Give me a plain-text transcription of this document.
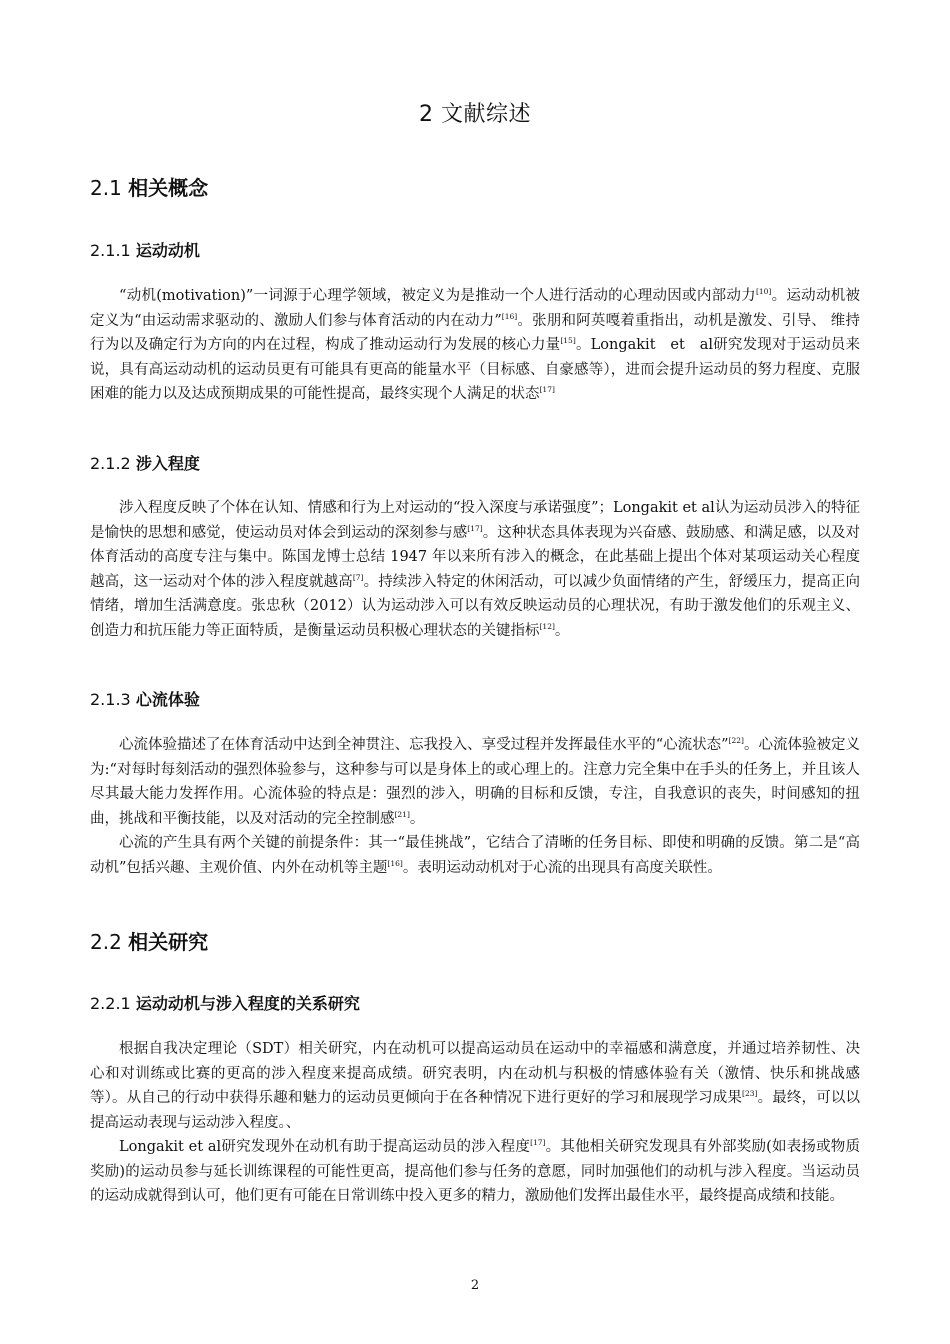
2 文献综述
2.1 相关概念
2.1.1 运动动机

“动机(motivation)”一词源于心理学领域，被定义为是推动一个人进行活动的心理动因或内部动力[10]。运动动机被定义为“由运动需求驱动的、激励人们参与体育活动的内在动力”[16]。张朋和阿英嘎着重指出，动机是激发、引导、 维持行为以及确定行为方向的内在过程，构成了推动运动行为发展的核心力量[15]。Longakit　et　al研究发现对于运动员来说，具有高运动动机的运动员更有可能具有更高的能量水平（目标感、自豪感等），进而会提升运动员的努力程度、克服困难的能力以及达成预期成果的可能性提高，最终实现个人满足的状态[17]

2.1.2 涉入程度

涉入程度反映了个体在认知、情感和行为上对运动的“投入深度与承诺强度”；Longakit et al认为运动员涉入的特征是愉快的思想和感觉，使运动员对体会到运动的深刻参与感[17]。这种状态具体表现为兴奋感、鼓励感、和满足感，以及对体育活动的高度专注与集中。陈国龙博士总结 1947 年以来所有涉入的概念，在此基础上提出个体对某项运动关心程度越高，这一运动对个体的涉入程度就越高[7]。持续涉入特定的休闲活动，可以减少负面情绪的产生，舒缓压力，提高正向情绪，增加生活满意度。张忠秋（2012）认为运动涉入可以有效反映运动员的心理状况，有助于激发他们的乐观主义、创造力和抗压能力等正面特质，是衡量运动员积极心理状态的关键指标[12]。

2.1.3 心流体验

心流体验描述了在体育活动中达到全神贯注、忘我投入、享受过程并发挥最佳水平的“心流状态”[22]。心流体验被定义为:“对每时每刻活动的强烈体验参与，这种参与可以是身体上的或心理上的。注意力完全集中在手头的任务上，并且该人尽其最大能力发挥作用。心流体验的特点是：强烈的涉入，明确的目标和反馈，专注，自我意识的丧失，时间感知的扭曲，挑战和平衡技能，以及对活动的完全控制感[21]。

心流的产生具有两个关键的前提条件：其一“最佳挑战”，它结合了清晰的任务目标、即使和明确的反馈。第二是“高动机”包括兴趣、主观价值、内外在动机等主题[16]。表明运动动机对于心流的出现具有高度关联性。

2.2 相关研究
2.2.1 运动动机与涉入程度的关系研究

根据自我决定理论（SDT）相关研究，内在动机可以提高运动员在运动中的幸福感和满意度，并通过培养韧性、决心和对训练或比赛的更高的涉入程度来提高成绩。研究表明，内在动机与积极的情感体验有关（激情、快乐和挑战感等）。从自己的行动中获得乐趣和魅力的运动员更倾向于在各种情况下进行更好的学习和展现学习成果[23]。最终，可以以提高运动表现与运动涉入程度。、

Longakit et al研究发现外在动机有助于提高运动员的涉入程度[17]。其他相关研究发现具有外部奖励(如表扬或物质奖励)的运动员参与延长训练课程的可能性更高，提高他们参与任务的意愿，同时加强他们的动机与涉入程度。当运动员的运动成就得到认可，他们更有可能在日常训练中投入更多的精力，激励他们发挥出最佳水平，最终提高成绩和技能。

2
